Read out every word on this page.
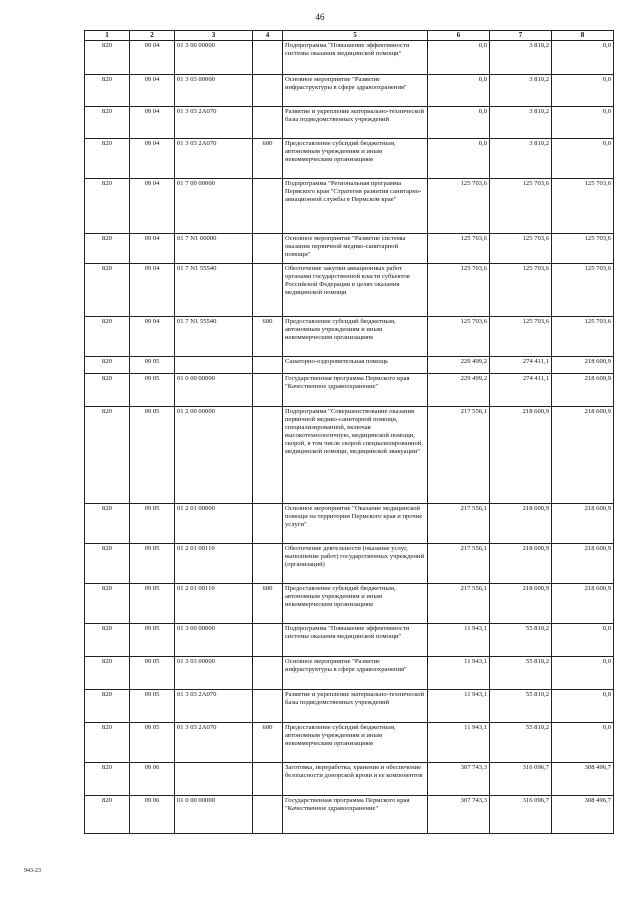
46
1	2	3	4	5	6	7	8
820	09 04	01 3 00 00000		Подпрограмма "Повышение эффективности системы оказания медицинской помощи"	0,0	3 810,2	0,0
820	09 04	01 3 03 00000		Основное мероприятие "Развитие инфраструктуры в сфере здравоохранения"	0,0	3 810,2	0,0
820	09 04	01 3 03 2А070		Развитие и укрепление материально-технической базы подведомственных учреждений	0,0	3 810,2	0,0
820	09 04	01 3 03 2А070	600	Предоставление субсидий бюджетным, автономным учреждениям и иным некоммерческим организациям	0,0	3 810,2	0,0
820	09 04	01 7 00 00000		Подпрограмма "Региональная программа Пермского края "Стратегия развития санитарно-авиационной службы в Пермском крае"	125 703,6	125 703,6	125 703,6
820	09 04	01 7 N1 00000		Основное мероприятие "Развитие системы оказания первичной медико-санитарной помощи"	125 703,6	125 703,6	125 703,6
820	09 04	01 7 N1 55540		Обеспечение закупки авиационных работ органами государственной власти субъектов Российской Федерации в целях оказания медицинской помощи	125 703,6	125 703,6	125 703,6
820	09 04	01 7 N1 55540	600	Предоставление субсидий бюджетным, автономным учреждениям и иным некоммерческим организациям	125 703,6	125 703,6	125 703,6
820	09 05			Санаторно-оздоровительная помощь	229 499,2	274 411,1	218 600,9
820	09 05	01 0 00 00000		Государственная программа Пермского края "Качественное здравоохранение"	229 499,2	274 411,1	218 600,9
820	09 05	01 2 00 00000		Подпрограмма "Совершенствование оказания первичной медико-санитарной помощи, специализированной, включая высокотехнологичную, медицинской помощи, скорой, в том числе скорой специализированной, медицинской помощи, медицинской эвакуации"	217 556,1	218 600,9	218 600,9
820	09 05	01 2 01 00000		Основное мероприятие "Оказание медицинской помощи на территории Пермского края и прочие услуги"	217 556,1	218 600,9	218 600,9
820	09 05	01 2 01 00110		Обеспечение деятельности (оказание услуг, выполнение работ) государственных учреждений (организаций)	217 556,1	218 600,9	218 600,9
820	09 05	01 2 01 00110	600	Предоставление субсидий бюджетным, автономным учреждениям и иным некоммерческим организациям	217 556,1	218 600,9	218 600,9
820	09 05	01 3 00 00000		Подпрограмма "Повышение эффективности системы оказания медицинской помощи"	11 943,1	55 810,2	0,0
820	09 05	01 3 03 00000		Основное мероприятие "Развитие инфраструктуры в сфере здравоохранения"	11 943,1	55 810,2	0,0
820	09 05	01 3 03 2А070		Развитие и укрепление материально-технической базы подведомственных учреждений	11 943,1	55 810,2	0,0
820	09 05	01 3 03 2А070	600	Предоставление субсидий бюджетным, автономным учреждениям и иным некоммерческим организациям	11 943,1	55 810,2	0,0
820	09 06			Заготовка, переработка, хранение и обеспечение безопасности донорской крови и ее компонентов	307 743,3	316 096,7	308 496,7
820	09 06	01 0 00 00000		Государственная программа Пермского края "Качественное здравоохранение"	307 743,3	316 096,7	308 496,7
943-23
